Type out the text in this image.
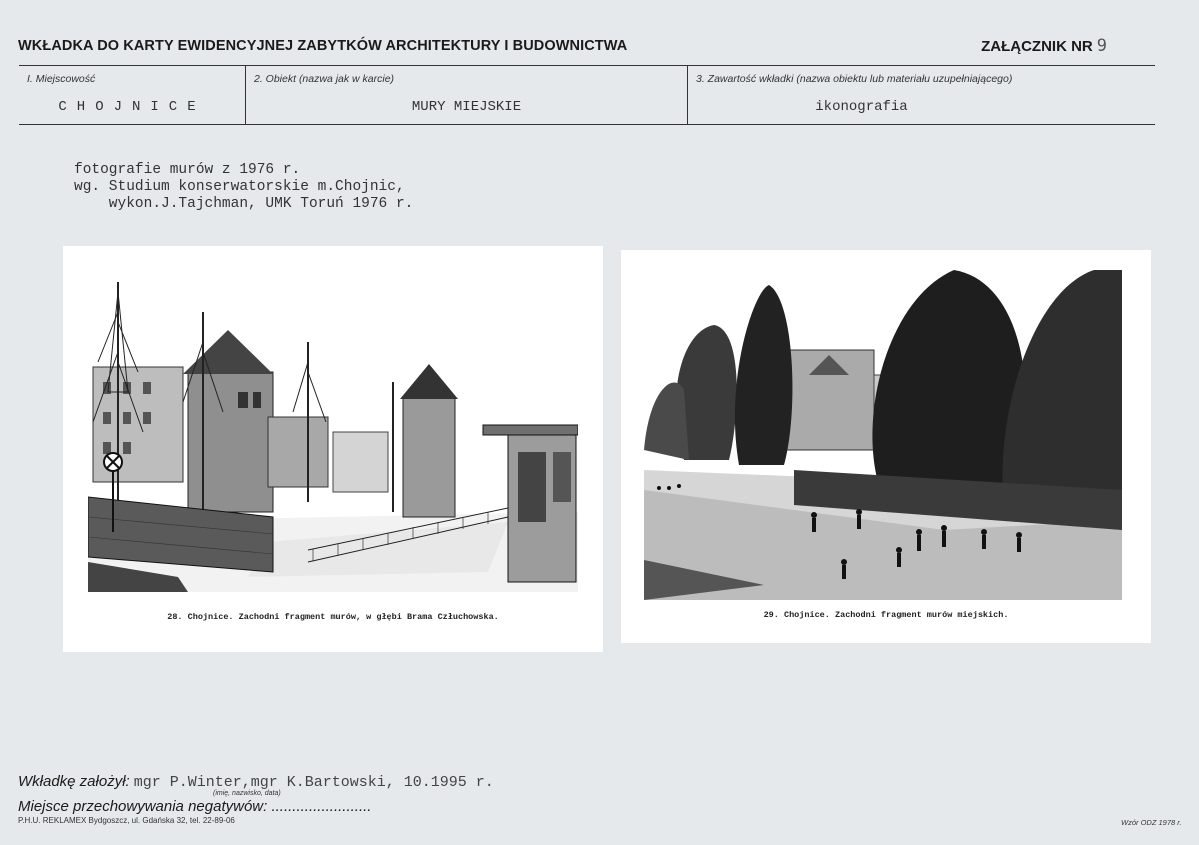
WKŁADKA DO KARTY EWIDENCYJNEJ ZABYTKÓW ARCHITEKTURY I BUDOWNICTWA	ZAŁĄCZNIK NR 9
I. Miejscowość
CHOJNICE
2. Obiekt (nazwa jak w karcie)
MURY MIEJSKIE
3. Zawartość wkładki (nazwa obiektu lub materiału uzupełniającego)
ikonografia
fotografie murów z 1976 r.
wg. Studium konserwatorskie m.Chojnic,
wykon.J.Tajchman, UMK Toruń 1976 r.
28. Chojnice. Zachodni fragment murów, w głębi Brama Człuchowska.	29. Chojnice. Zachodni fragment murów miejskich.
Wkładkę założył: mgr P.Winter,mgr K.Bartowski, 10.1995 r.
(imię, nazwisko, data)
Miejsce przechowywania negatywów: ........................
P.H.U. REKLAMEX Bydgoszcz, ul. Gdańska 32, tel. 22-89-06	Wzór ODZ 1978 r.
